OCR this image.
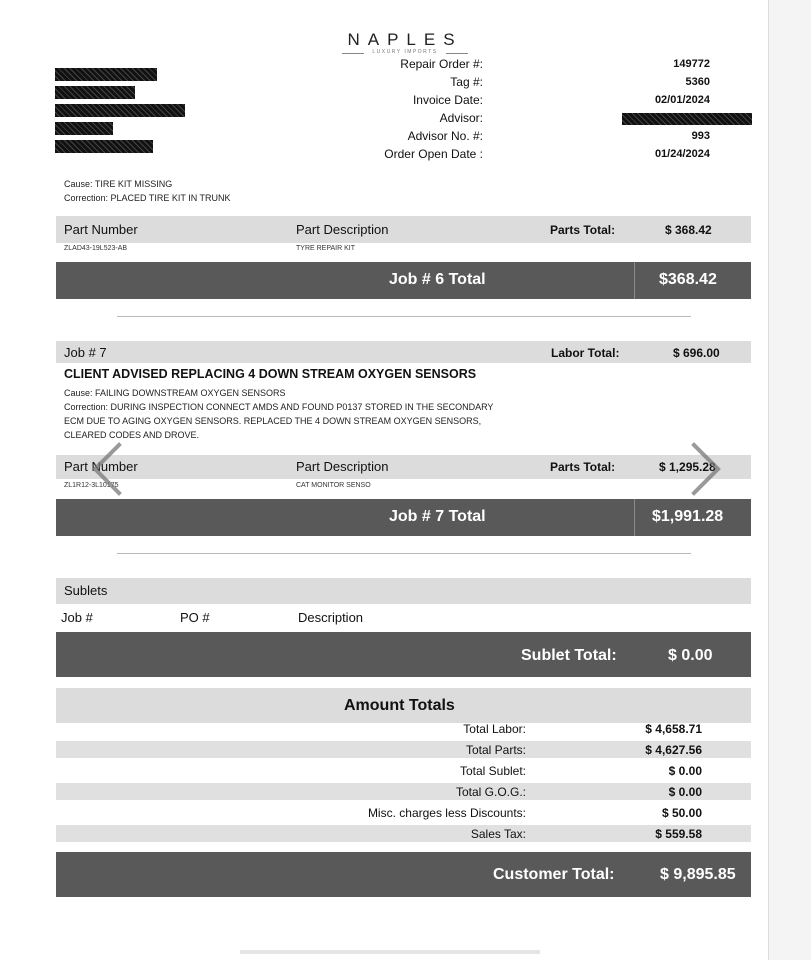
NAPLES
LUXURY IMPORTS
Repair Order #:	149772
Tag #:	5360
Invoice Date:	02/01/2024
Advisor:
Advisor No. #:	993
Order Open Date :	01/24/2024
Cause: TIRE KIT MISSING
Correction: PLACED TIRE KIT IN TRUNK
Part Number	Part Description	Parts Total:	$ 368.42
ZLAD43-19L523-AB	TYRE REPAIR KIT
Job # 6 Total	$368.42
Job # 7	Labor Total:	$ 696.00
CLIENT ADVISED REPLACING 4 DOWN STREAM OXYGEN SENSORS
Cause: FAILING DOWNSTREAM OXYGEN SENSORS
Correction: DURING INSPECTION CONNECT AMDS AND FOUND P0137 STORED IN THE SECONDARY
ECM DUE TO AGING OXYGEN SENSORS. REPLACED THE 4 DOWN STREAM OXYGEN SENSORS,
CLEARED CODES AND DROVE.
Part Number	Part Description	Parts Total:	$ 1,295.28
ZL1R12-3L10175	CAT MONITOR SENSO
Job # 7 Total	$1,991.28
Sublets
Job #	PO #	Description
Sublet Total:	$ 0.00
Amount Totals
Total Labor:	$ 4,658.71
Total Parts:	$ 4,627.56
Total Sublet:	$ 0.00
Total G.O.G.:	$ 0.00
Misc. charges less Discounts:	$ 50.00
Sales Tax:	$ 559.58
Customer Total:	$ 9,895.85
